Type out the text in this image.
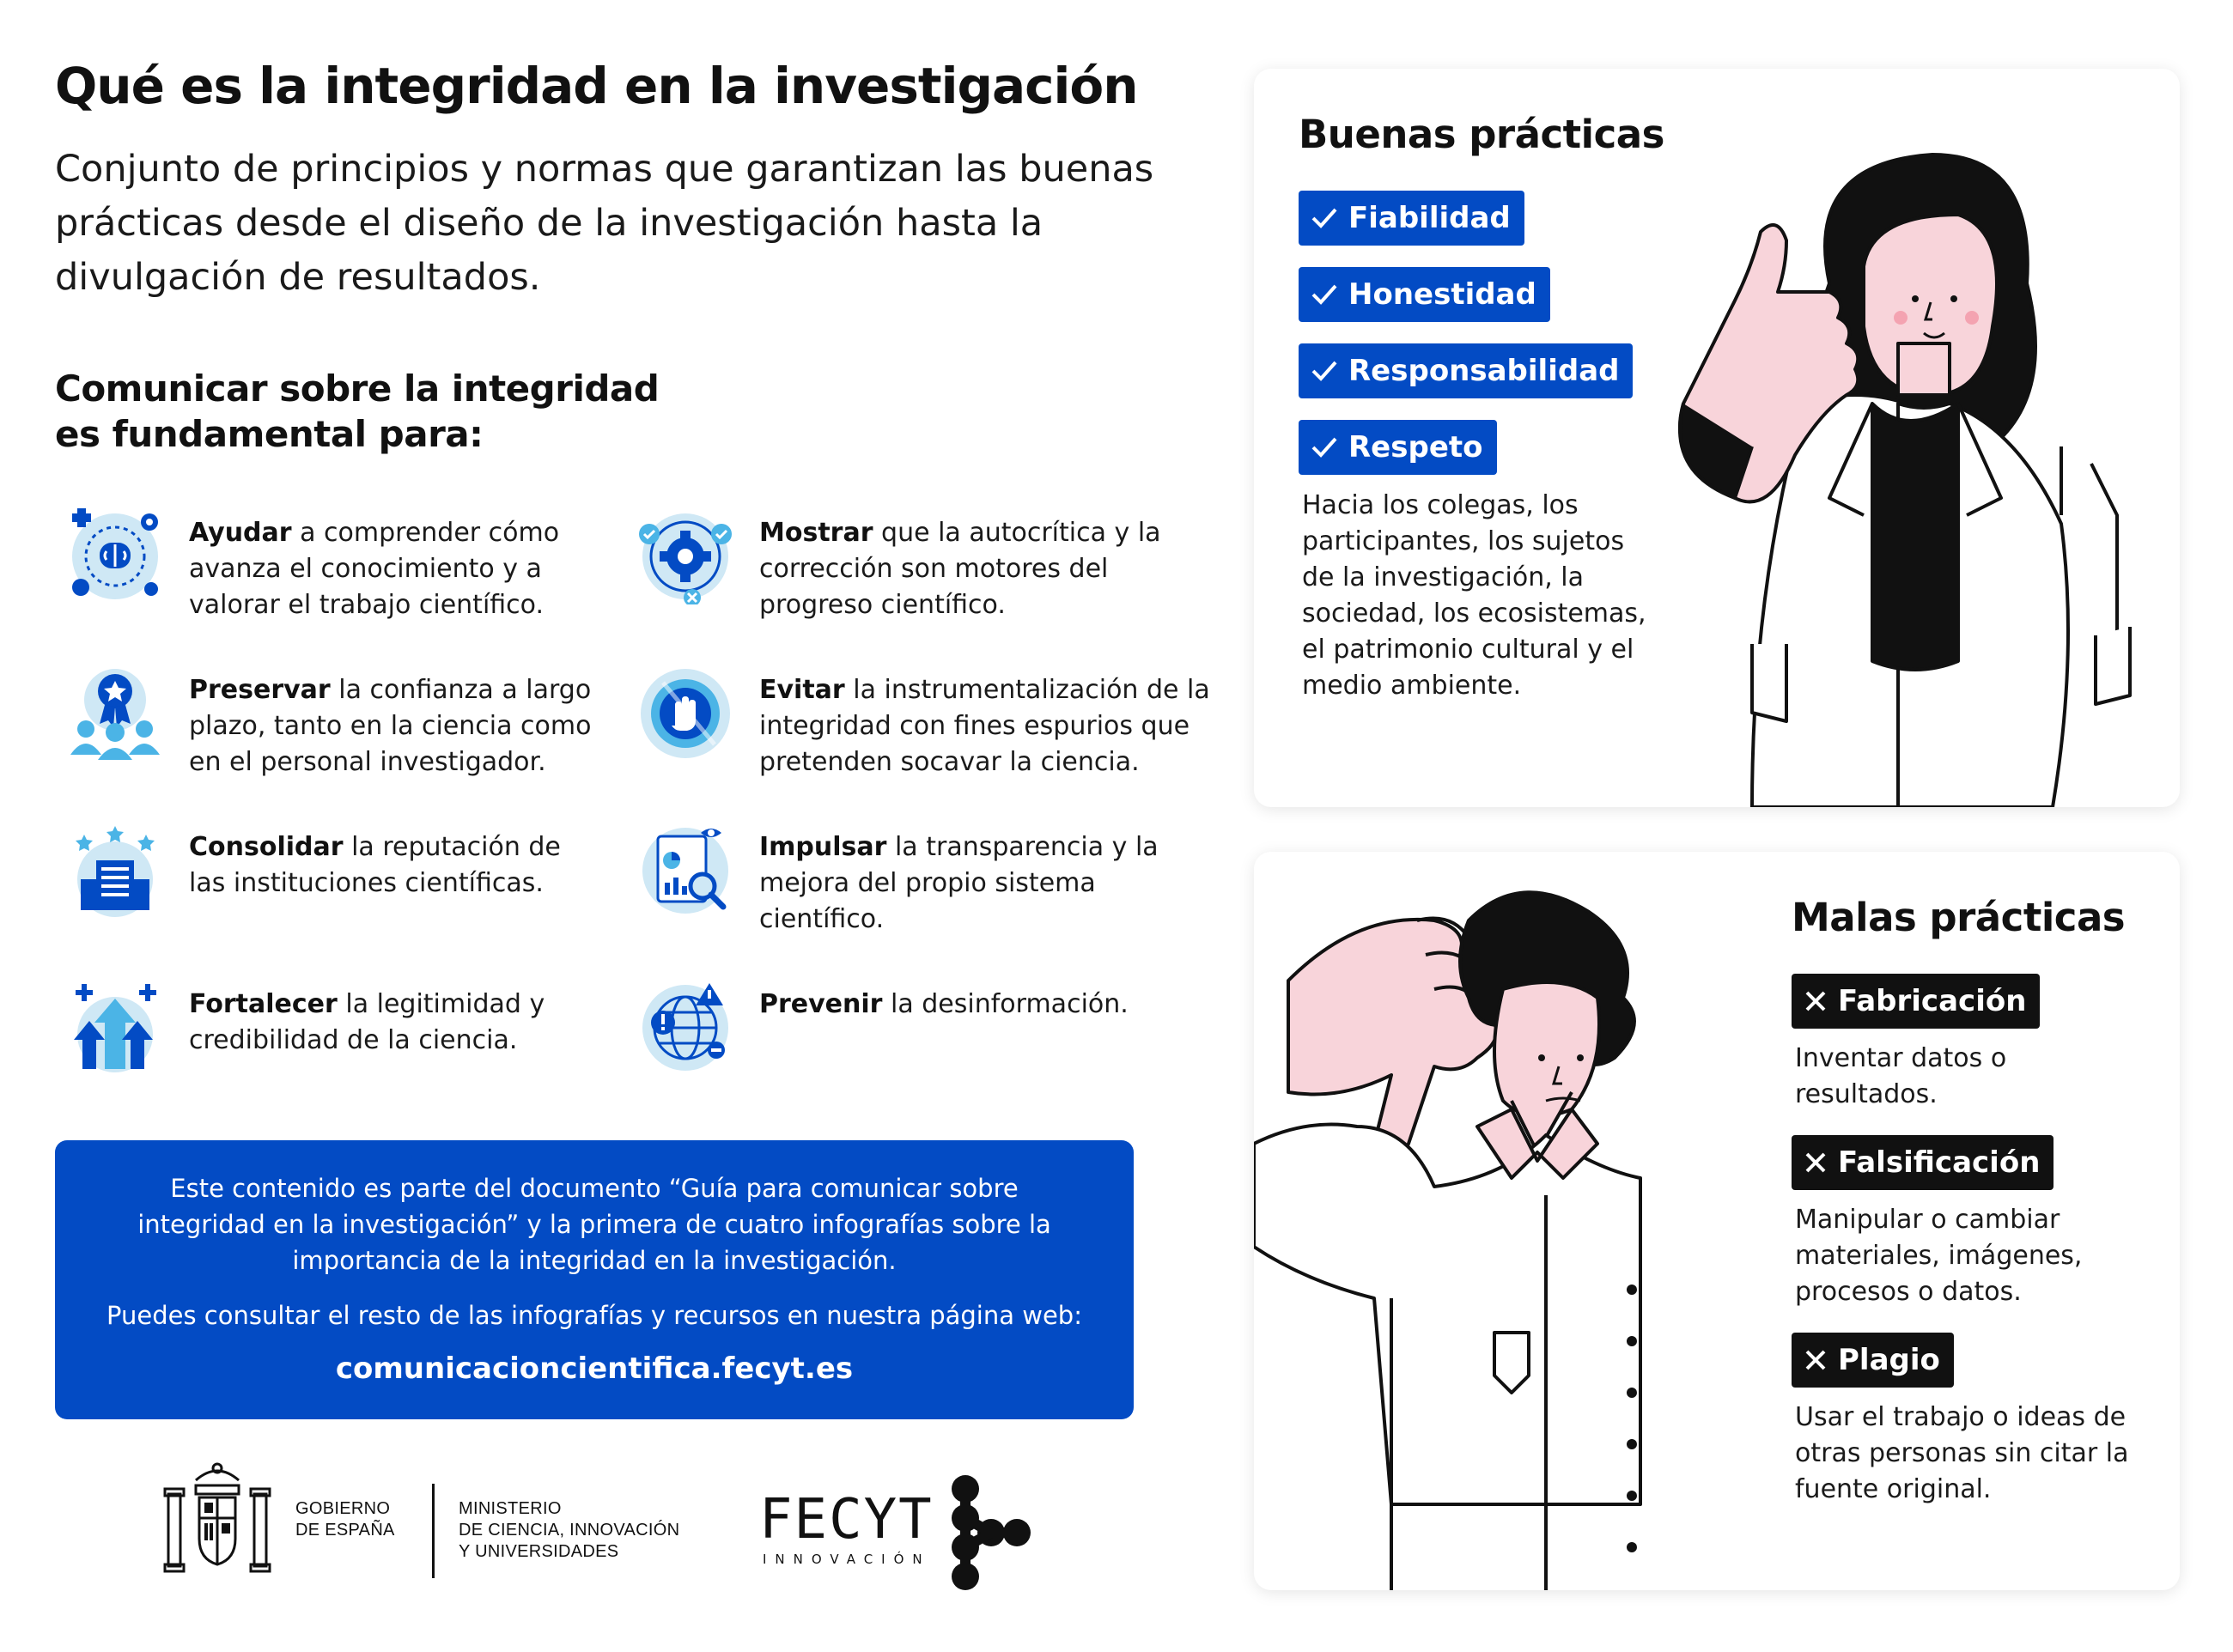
Qué es la integridad en la investigación

Conjunto de principios y normas que garantizan las buenas prácticas desde el diseño de la investigación hasta la divulgación de resultados.

Comunicar sobre la integridad
es fundamental para:
Ayudar a comprender cómo avanza el conocimiento y a valorar el trabajo científico.
Mostrar que la autocrítica y la corrección son motores del progreso científico.
Preservar la confianza a largo plazo, tanto en la ciencia como en el personal investigador.
Evitar la instrumentalización de la integridad con fines espurios que pretenden socavar la ciencia.
Consolidar la reputación de las instituciones científicas.
Impulsar la transparencia y la mejora del propio sistema científico.
Fortalecer la legitimidad y credibilidad de la ciencia.
Prevenir la desinformación.
Este contenido es parte del documento “Guía para comunicar sobre integridad en la investigación” y la primera de cuatro infografías sobre la importancia de la integridad en la investigación.
Puedes consultar el resto de las infografías y recursos en nuestra página web:
comunicacioncientifica.fecyt.es
GOBIERNO
DE ESPAÑA
MINISTERIO
DE CIENCIA, INNOVACIÓN
Y UNIVERSIDADES	FECYT
INNOVACIÓN
Buenas prácticas
Fiabilidad
Honestidad
Responsabilidad
Respeto
Hacia los colegas, los participantes, los sujetos de la investigación, la sociedad, los ecosistemas, el patrimonio cultural y el medio ambiente.
Malas prácticas
Fabricación
Inventar datos o resultados.
Falsificación
Manipular o cambiar materiales, imágenes, procesos o datos.
Plagio
Usar el trabajo o ideas de otras personas sin citar la fuente original.
